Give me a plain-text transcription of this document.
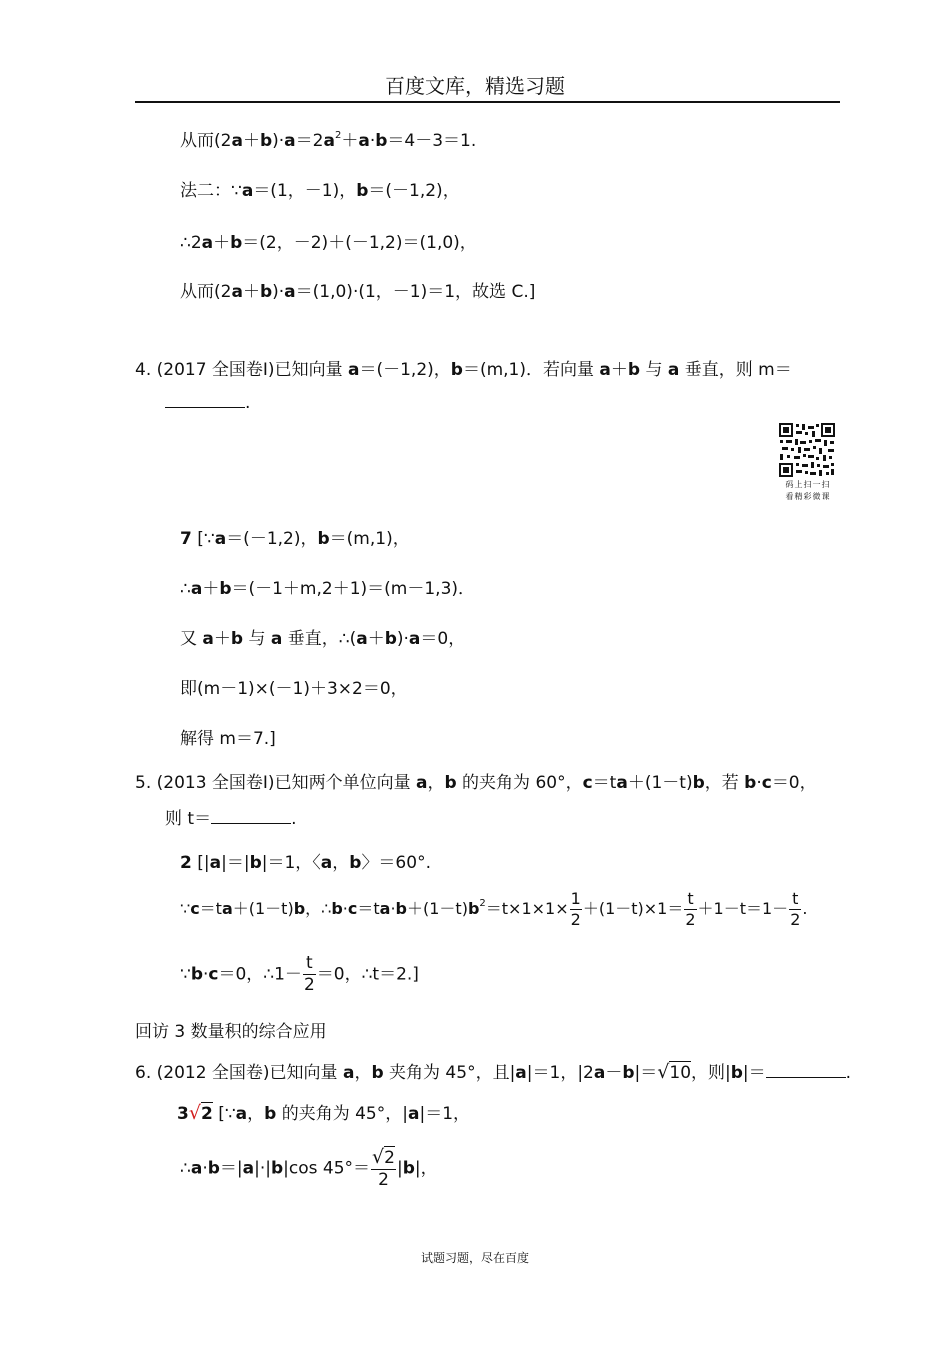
百度文库，精选习题
从而$(2a+b)\cdot a=2a^2+a\cdot b=4-3=1$.
法二：∵a＝(1，－1)，b＝(－1,2)，
∴2a＋b＝(2，－2)＋(－1,2)＝(1,0)，
从而(2a＋b)·a＝(1,0)·(1，－1)＝1，故选 C.]
4. (2017 全国卷Ⅰ)已知向量 a＝(－1,2)，b＝(m,1)．若向量 a＋b 与 a 垂直，则 m＝
.
码上扫一扫
看精彩微课
7 [∵a＝(－1,2)，b＝(m,1)，
∴a＋b＝(－1＋m,2＋1)＝(m－1,3)．
又 a＋b 与 a 垂直，∴(a＋b)·a＝0，
即(m－1)×(－1)＋3×2＝0，
解得 m＝7.]
5. (2013 全国卷Ⅰ)已知两个单位向量 a，b 的夹角为 60°，c＝ta＋(1－t)b，若 b·c＝0，
则 t＝	.
2 [|a|＝|b|＝1，〈a，b〉＝60°.
∵c＝ta＋(1－t)b，$\therefore b\cdot c=ta\cdot b+(1-t)b^2=t\times 1\times 1\times \frac{1}{2} +(1-t)\times 1= \frac{t}{2} +1-t=1- \frac{t}{2}$ .
∵b·c＝0，∴1－ $\frac{t}{2} =0$，∴t＝2.]
回访 3 数量积的综合应用
6. (2012 全国卷)已知向量 a，b 夹角为 45°，且|a|＝1，|2a－b|＝√10，则|b|＝	.
3√2 [∵a，b 的夹角为 45°，|a|＝1，
∴a·b＝|a|·|b|cos $45^\circ= \frac{√2}{2} |b|$，
试题习题，尽在百度
